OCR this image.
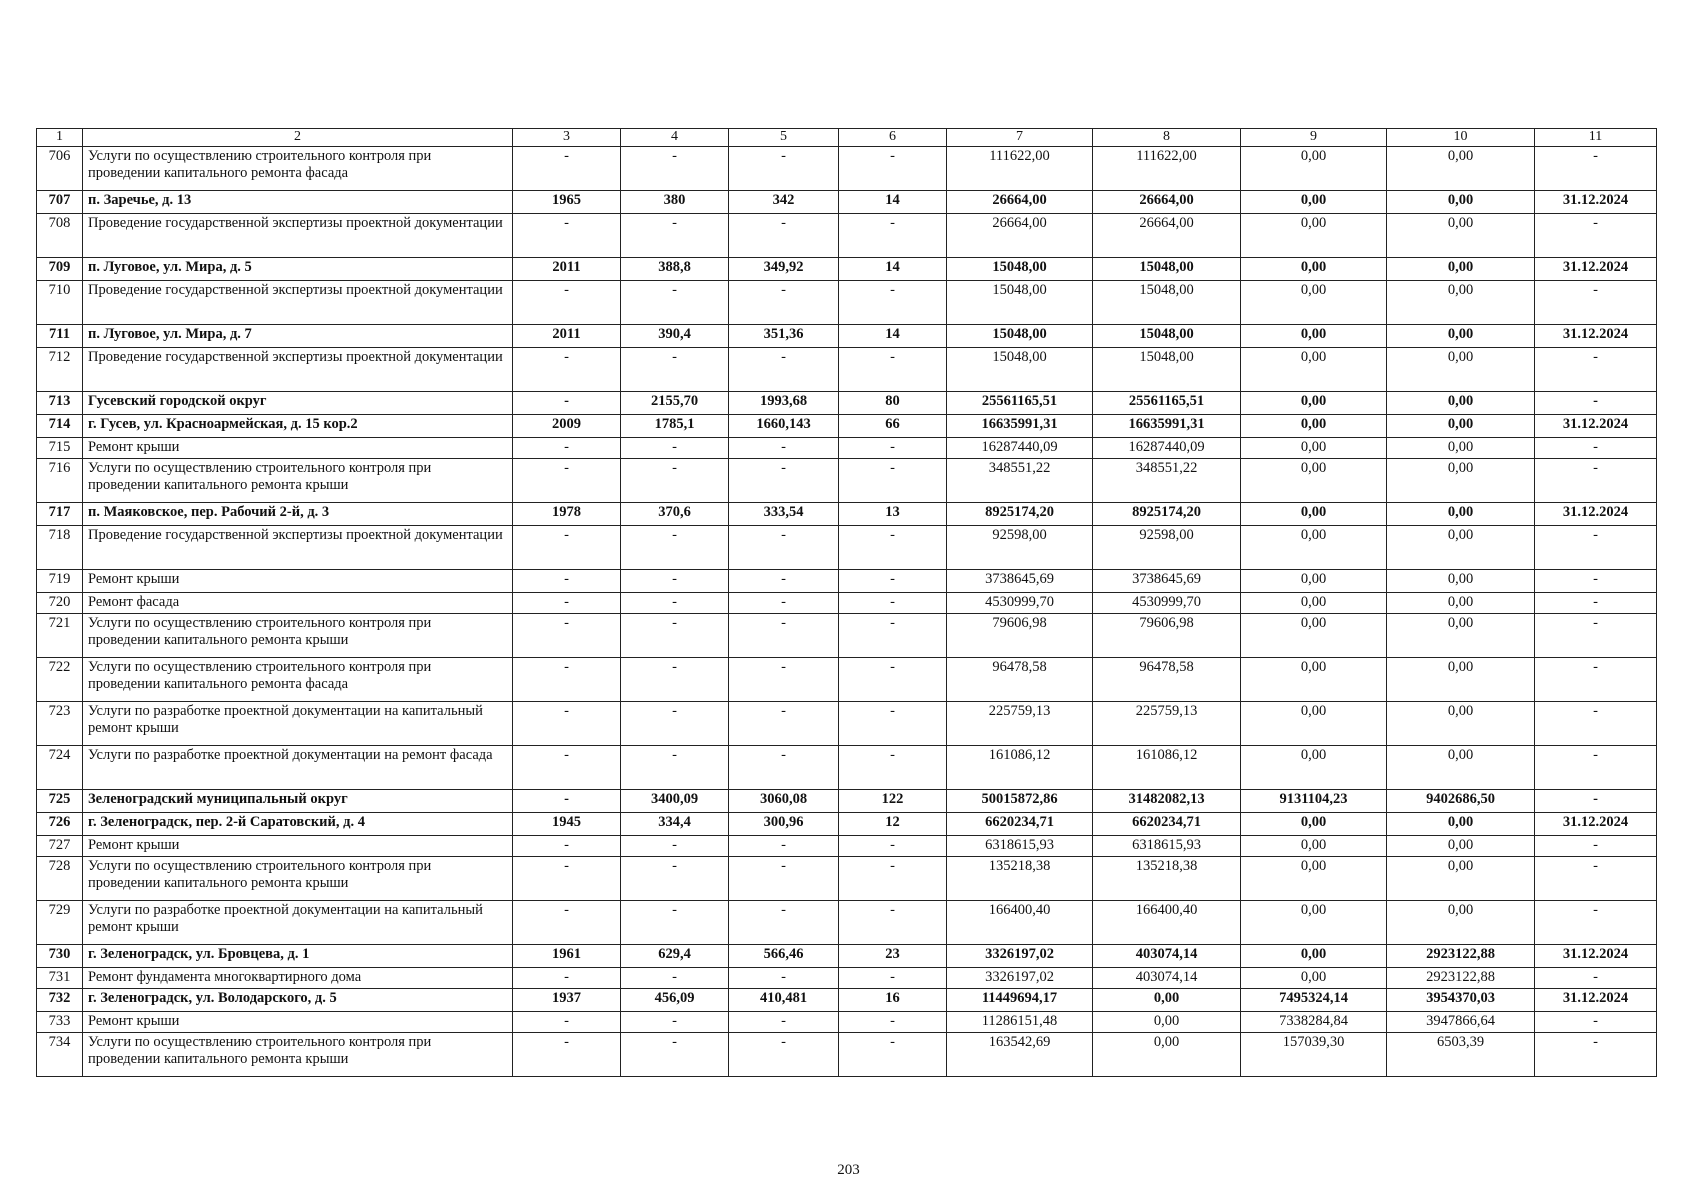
1	2	3	4	5	6	7	8	9	10	11
706	Услуги по осуществлению строительного контроля при проведении капитального ремонта фасада	-	-	-	-	111622,00	111622,00	0,00	0,00	-
707	п. Заречье, д. 13	1965	380	342	14	26664,00	26664,00	0,00	0,00	31.12.2024
708	Проведение государственной экспертизы проектной документации	-	-	-	-	26664,00	26664,00	0,00	0,00	-
709	п. Луговое, ул. Мира, д. 5	2011	388,8	349,92	14	15048,00	15048,00	0,00	0,00	31.12.2024
710	Проведение государственной экспертизы проектной документации	-	-	-	-	15048,00	15048,00	0,00	0,00	-
711	п. Луговое, ул. Мира, д. 7	2011	390,4	351,36	14	15048,00	15048,00	0,00	0,00	31.12.2024
712	Проведение государственной экспертизы проектной документации	-	-	-	-	15048,00	15048,00	0,00	0,00	-
713	Гусевский городской округ	-	2155,70	1993,68	80	25561165,51	25561165,51	0,00	0,00	-
714	г. Гусев, ул. Красноармейская, д. 15 кор.2	2009	1785,1	1660,143	66	16635991,31	16635991,31	0,00	0,00	31.12.2024
715	Ремонт крыши	-	-	-	-	16287440,09	16287440,09	0,00	0,00	-
716	Услуги по осуществлению строительного контроля при проведении капитального ремонта крыши	-	-	-	-	348551,22	348551,22	0,00	0,00	-
717	п. Маяковское, пер. Рабочий 2-й, д. 3	1978	370,6	333,54	13	8925174,20	8925174,20	0,00	0,00	31.12.2024
718	Проведение государственной экспертизы проектной документации	-	-	-	-	92598,00	92598,00	0,00	0,00	-
719	Ремонт крыши	-	-	-	-	3738645,69	3738645,69	0,00	0,00	-
720	Ремонт фасада	-	-	-	-	4530999,70	4530999,70	0,00	0,00	-
721	Услуги по осуществлению строительного контроля при проведении капитального ремонта крыши	-	-	-	-	79606,98	79606,98	0,00	0,00	-
722	Услуги по осуществлению строительного контроля при проведении капитального ремонта фасада	-	-	-	-	96478,58	96478,58	0,00	0,00	-
723	Услуги по разработке проектной документации на капитальный ремонт крыши	-	-	-	-	225759,13	225759,13	0,00	0,00	-
724	Услуги по разработке проектной документации на ремонт фасада	-	-	-	-	161086,12	161086,12	0,00	0,00	-
725	Зеленоградский муниципальный округ	-	3400,09	3060,08	122	50015872,86	31482082,13	9131104,23	9402686,50	-
726	г. Зеленоградск, пер. 2-й Саратовский, д. 4	1945	334,4	300,96	12	6620234,71	6620234,71	0,00	0,00	31.12.2024
727	Ремонт крыши	-	-	-	-	6318615,93	6318615,93	0,00	0,00	-
728	Услуги по осуществлению строительного контроля при проведении капитального ремонта крыши	-	-	-	-	135218,38	135218,38	0,00	0,00	-
729	Услуги по разработке проектной документации на капитальный ремонт крыши	-	-	-	-	166400,40	166400,40	0,00	0,00	-
730	г. Зеленоградск, ул. Бровцева, д. 1	1961	629,4	566,46	23	3326197,02	403074,14	0,00	2923122,88	31.12.2024
731	Ремонт фундамента многоквартирного дома	-	-	-	-	3326197,02	403074,14	0,00	2923122,88	-
732	г. Зеленоградск, ул. Володарского, д. 5	1937	456,09	410,481	16	11449694,17	0,00	7495324,14	3954370,03	31.12.2024
733	Ремонт крыши	-	-	-	-	11286151,48	0,00	7338284,84	3947866,64	-
734	Услуги по осуществлению строительного контроля при проведении капитального ремонта крыши	-	-	-	-	163542,69	0,00	157039,30	6503,39	-
203
